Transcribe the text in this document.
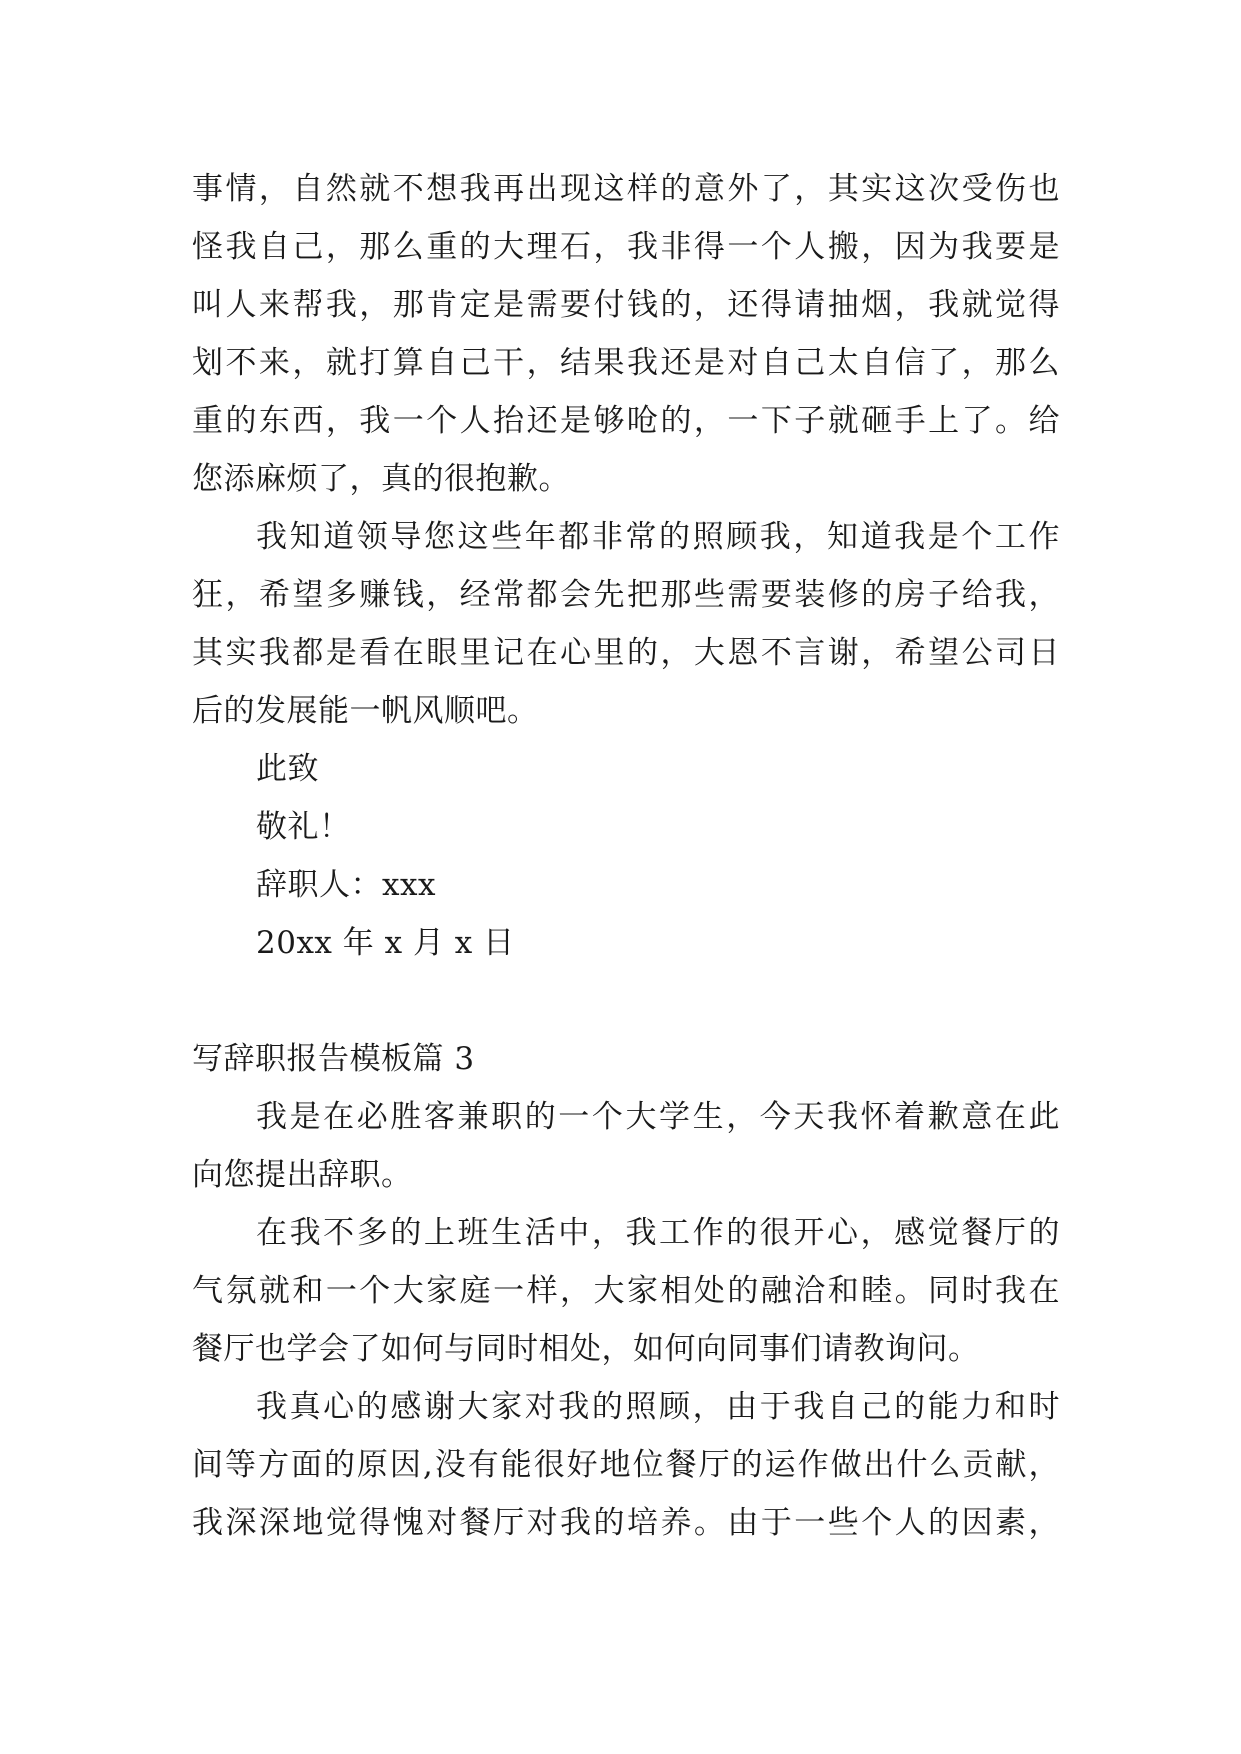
事情，自然就不想我再出现这样的意外了，其实这次受伤也
怪我自己，那么重的大理石，我非得一个人搬，因为我要是
叫人来帮我，那肯定是需要付钱的，还得请抽烟，我就觉得
划不来，就打算自己干，结果我还是对自己太自信了，那么
重的东西，我一个人抬还是够呛的，一下子就砸手上了。给
您添麻烦了，真的很抱歉。
我知道领导您这些年都非常的照顾我，知道我是个工作
狂，希望多赚钱，经常都会先把那些需要装修的房子给我，
其实我都是看在眼里记在心里的，大恩不言谢，希望公司日
后的发展能一帆风顺吧。
此致
敬礼！
辞职人：xxx
20xx 年 x 月 x 日
写辞职报告模板篇 3
我是在必胜客兼职的一个大学生，今天我怀着歉意在此
向您提出辞职。
在我不多的上班生活中，我工作的很开心，感觉餐厅的
气氛就和一个大家庭一样，大家相处的融洽和睦。同时我在
餐厅也学会了如何与同时相处，如何向同事们请教询问。
我真心的感谢大家对我的照顾，由于我自己的能力和时
间等方面的原因,没有能很好地位餐厅的运作做出什么贡献，
我深深地觉得愧对餐厅对我的培养。由于一些个人的因素，
